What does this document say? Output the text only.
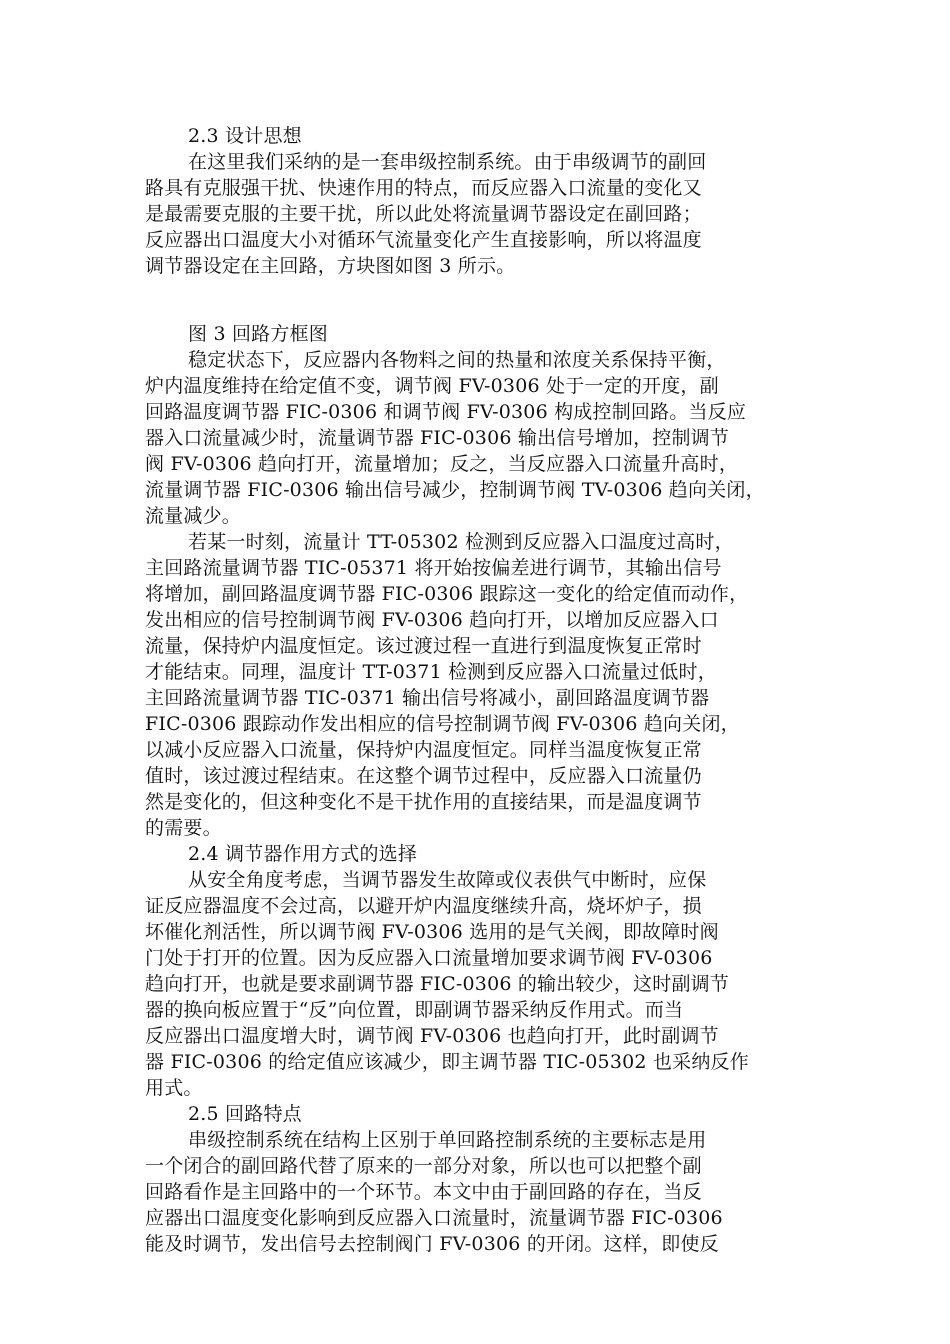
2.3 设计思想
在这里我们采纳的是一套串级控制系统。由于串级调节的副回
路具有克服强干扰、快速作用的特点，而反应器入口流量的变化又
是最需要克服的主要干扰，所以此处将流量调节器设定在副回路；
反应器出口温度大小对循环气流量变化产生直接影响，所以将温度
调节器设定在主回路，方块图如图 3 所示。
图 3 回路方框图
稳定状态下，反应器内各物料之间的热量和浓度关系保持平衡，
炉内温度维持在给定值不变，调节阀 FV-0306 处于一定的开度，副
回路温度调节器 FIC-0306 和调节阀 FV-0306 构成控制回路。当反应
器入口流量减少时，流量调节器 FIC-0306 输出信号增加，控制调节
阀 FV-0306 趋向打开，流量增加；反之，当反应器入口流量升高时，
流量调节器 FIC-0306 输出信号减少，控制调节阀 TV-0306 趋向关闭，
流量减少。
若某一时刻，流量计 TT-05302 检测到反应器入口温度过高时，
主回路流量调节器 TIC-05371 将开始按偏差进行调节，其输出信号
将增加，副回路温度调节器 FIC-0306 跟踪这一变化的给定值而动作，
发出相应的信号控制调节阀 FV-0306 趋向打开，以增加反应器入口
流量，保持炉内温度恒定。该过渡过程一直进行到温度恢复正常时
才能结束。同理，温度计 TT-0371 检测到反应器入口流量过低时，
主回路流量调节器 TIC-0371 输出信号将减小，副回路温度调节器
FIC-0306 跟踪动作发出相应的信号控制调节阀 FV-0306 趋向关闭，
以减小反应器入口流量，保持炉内温度恒定。同样当温度恢复正常
值时，该过渡过程结束。在这整个调节过程中，反应器入口流量仍
然是变化的，但这种变化不是干扰作用的直接结果，而是温度调节
的需要。
2.4 调节器作用方式的选择
从安全角度考虑，当调节器发生故障或仪表供气中断时，应保
证反应器温度不会过高，以避开炉内温度继续升高，烧坏炉子，损
坏催化剂活性，所以调节阀 FV-0306 选用的是气关阀，即故障时阀
门处于打开的位置。因为反应器入口流量增加要求调节阀 FV-0306
趋向打开，也就是要求副调节器 FIC-0306 的输出较少，这时副调节
器的换向板应置于“反”向位置，即副调节器采纳反作用式。而当
反应器出口温度增大时，调节阀 FV-0306 也趋向打开，此时副调节
器 FIC-0306 的给定值应该减少，即主调节器 TIC-05302 也采纳反作
用式。
2.5 回路特点
串级控制系统在结构上区别于单回路控制系统的主要标志是用
一个闭合的副回路代替了原来的一部分对象，所以也可以把整个副
回路看作是主回路中的一个环节。本文中由于副回路的存在，当反
应器出口温度变化影响到反应器入口流量时，流量调节器 FIC-0306
能及时调节，发出信号去控制阀门 FV-0306 的开闭。这样，即使反
